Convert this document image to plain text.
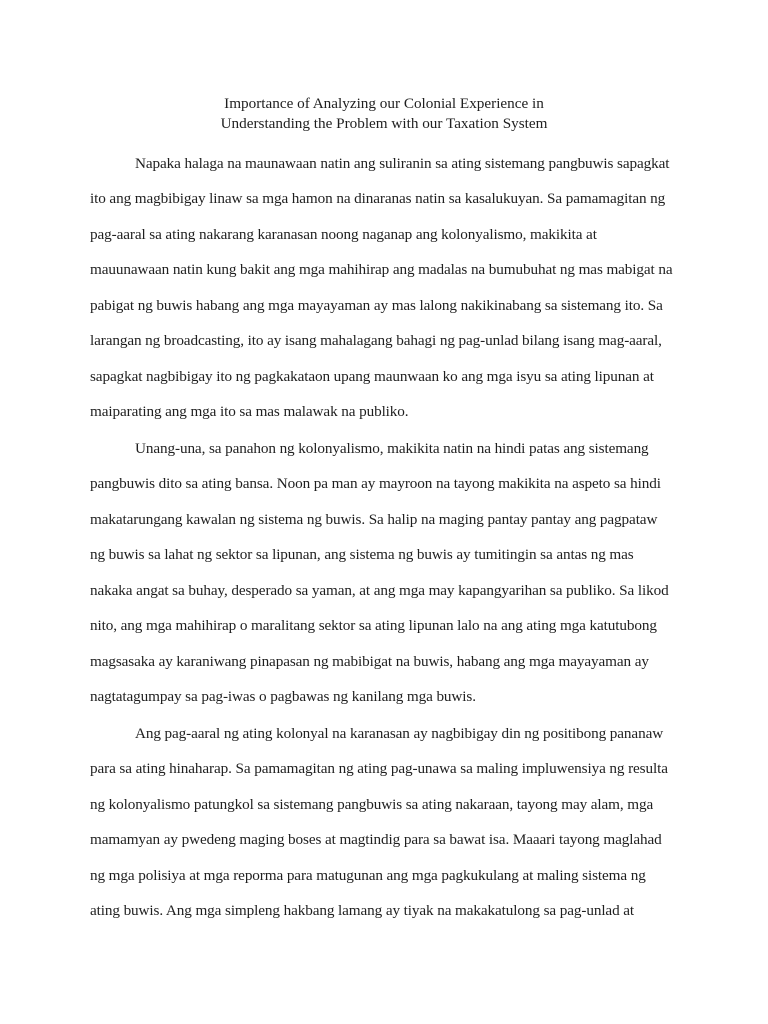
Importance of Analyzing our Colonial Experience in
Understanding the Problem with our Taxation System
Napaka halaga na maunawaan natin ang suliranin sa ating sistemang pangbuwis sapagkat
ito ang magbibigay linaw sa mga hamon na dinaranas natin sa kasalukuyan. Sa pamamagitan ng
pag-aaral sa ating nakarang karanasan noong naganap ang kolonyalismo, makikita at
mauunawaan natin kung bakit ang mga mahihirap ang madalas na bumubuhat ng mas mabigat na
pabigat ng buwis habang ang mga mayayaman ay mas lalong nakikinabang sa sistemang ito. Sa
larangan ng broadcasting, ito ay isang mahalagang bahagi ng pag-unlad bilang isang mag-aaral,
sapagkat nagbibigay ito ng pagkakataon upang maunwaan ko ang mga isyu sa ating lipunan at
maiparating ang mga ito sa mas malawak na publiko.
Unang-una, sa panahon ng kolonyalismo, makikita natin na hindi patas ang sistemang
pangbuwis dito sa ating bansa. Noon pa man ay mayroon na tayong makikita na aspeto sa hindi
makatarungang kawalan ng sistema ng buwis. Sa halip na maging pantay pantay ang pagpataw
ng buwis sa lahat ng sektor sa lipunan, ang sistema ng buwis ay tumitingin sa antas ng mas
nakaka angat sa buhay, desperado sa yaman, at ang mga may kapangyarihan sa publiko. Sa likod
nito, ang mga mahihirap o maralitang sektor sa ating lipunan lalo na ang ating mga katutubong
magsasaka ay karaniwang pinapasan ng mabibigat na buwis, habang ang mga mayayaman ay
nagtatagumpay sa pag-iwas o pagbawas ng kanilang mga buwis.
Ang pag-aaral ng ating kolonyal na karanasan ay nagbibigay din ng positibong pananaw
para sa ating hinaharap. Sa pamamagitan ng ating pag-unawa sa maling impluwensiya ng resulta
ng kolonyalismo patungkol sa sistemang pangbuwis sa ating nakaraan, tayong may alam, mga
mamamyan ay pwedeng maging boses at magtindig para sa bawat isa. Maaari tayong maglahad
ng mga polisiya at mga reporma para matugunan ang mga pagkukulang at maling sistema ng
ating buwis. Ang mga simpleng hakbang lamang ay tiyak na makakatulong sa pag-unlad at
